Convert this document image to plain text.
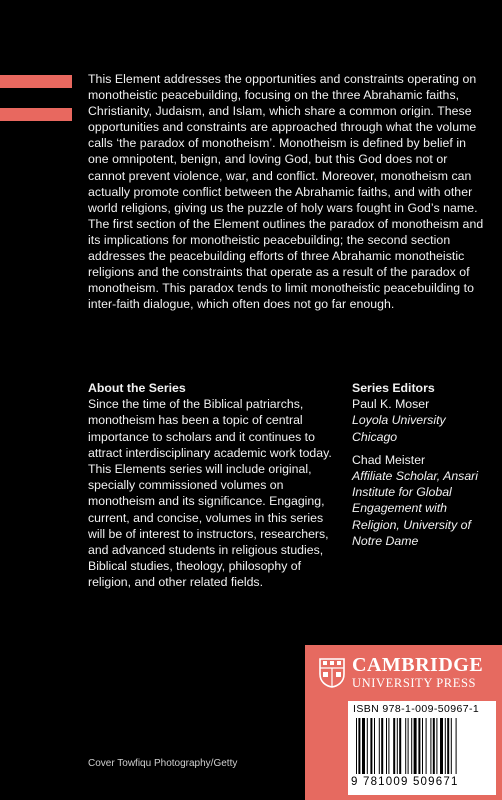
This Element addresses the opportunities and constraints operating on monotheistic peacebuilding, focusing on the three Abrahamic faiths, Christianity, Judaism, and Islam, which share a common origin. These opportunities and constraints are approached through what the volume calls ‘the paradox of monotheism’. Monotheism is defined by belief in one omnipotent, benign, and loving God, but this God does not or cannot prevent violence, war, and conflict. Moreover, monotheism can actually promote conflict between the Abrahamic faiths, and with other world religions, giving us the puzzle of holy wars fought in God’s name. The first section of the Element outlines the paradox of monotheism and its implications for monotheistic peacebuilding; the second section addresses the peacebuilding efforts of three Abrahamic monotheistic religions and the constraints that operate as a result of the paradox of monotheism. This paradox tends to limit monotheistic peacebuilding to inter-faith dialogue, which often does not go far enough.

About the Series

Since the time of the Biblical patriarchs, monotheism has been a topic of central importance to scholars and it continues to attract interdisciplinary academic work today. This Elements series will include original, specially commissioned volumes on monotheism and its significance. Engaging, current, and concise, volumes in this series will be of interest to instructors, researchers, and advanced students in religious studies, Biblical studies, theology, philosophy of religion, and other related fields.

Series Editors

Paul K. Moser
Loyola University Chicago
Chad Meister
Affiliate Scholar, Ansari Institute for Global Engagement with Religion, University of Notre Dame
CAMBRIDGE
UNIVERSITY PRESS
ISBN 978-1-009-50967-1
9 781009 509671
Cover Towfiqu Photography/Getty
